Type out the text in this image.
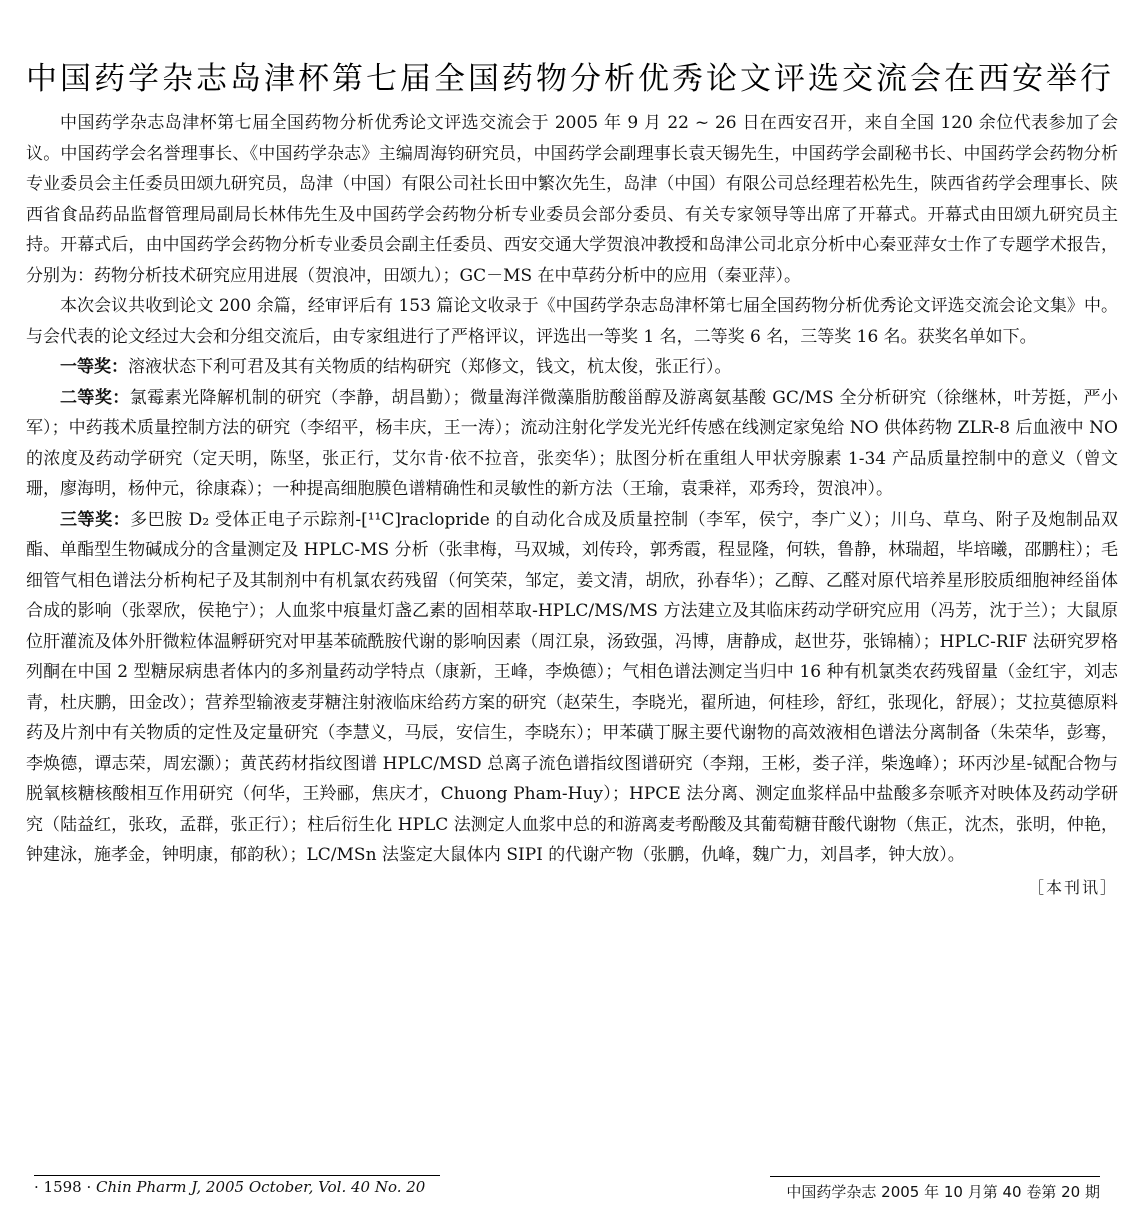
中国药学杂志岛津杯第七届全国药物分析优秀论文评选交流会在西安举行

中国药学杂志岛津杯第七届全国药物分析优秀论文评选交流会于 2005 年 9 月 22 ~ 26 日在西安召开，来自全国 120 余位代表参加了会议。中国药学会名誉理事长、《中国药学杂志》主编周海钧研究员，中国药学会副理事长袁天锡先生，中国药学会副秘书长、中国药学会药物分析专业委员会主任委员田颂九研究员，岛津（中国）有限公司社长田中繁次先生，岛津（中国）有限公司总经理若松先生，陕西省药学会理事长、陕西省食品药品监督管理局副局长林伟先生及中国药学会药物分析专业委员会部分委员、有关专家领导等出席了开幕式。开幕式由田颂九研究员主持。开幕式后，由中国药学会药物分析专业委员会副主任委员、西安交通大学贺浪冲教授和岛津公司北京分析中心秦亚萍女士作了专题学术报告，分别为：药物分析技术研究应用进展（贺浪冲，田颂九）；GC－MS 在中草药分析中的应用（秦亚萍）。

本次会议共收到论文 200 余篇，经审评后有 153 篇论文收录于《中国药学杂志岛津杯第七届全国药物分析优秀论文评选交流会论文集》中。与会代表的论文经过大会和分组交流后，由专家组进行了严格评议，评选出一等奖 1 名，二等奖 6 名，三等奖 16 名。获奖名单如下。

一等奖：溶液状态下利可君及其有关物质的结构研究（郑修文，钱文，杭太俊，张正行）。

二等奖：氯霉素光降解机制的研究（李静，胡昌勤）；微量海洋微藻脂肪酸甾醇及游离氨基酸 GC/MS 全分析研究（徐继林，叶芳挺，严小军）；中药莪术质量控制方法的研究（李绍平，杨丰庆，王一涛）；流动注射化学发光光纤传感在线测定家兔给 NO 供体药物 ZLR-8 后血液中 NO 的浓度及药动学研究（定天明，陈坚，张正行，艾尔肯·依不拉音，张奕华）；肽图分析在重组人甲状旁腺素 1-34 产品质量控制中的意义（曾文珊，廖海明，杨仲元，徐康森）；一种提高细胞膜色谱精确性和灵敏性的新方法（王瑜，袁秉祥，邓秀玲，贺浪冲）。

三等奖：多巴胺 D₂ 受体正电子示踪剂-[¹¹C]raclopride 的自动化合成及质量控制（李军，侯宁，李广义）；川乌、草乌、附子及炮制品双酯、单酯型生物碱成分的含量测定及 HPLC-MS 分析（张聿梅，马双城，刘传玲，郭秀霞，程显隆，何轶，鲁静，林瑞超，毕培曦，邵鹏柱）；毛细管气相色谱法分析枸杞子及其制剂中有机氯农药残留（何笑荣，邹定，姜文清，胡欣，孙春华）；乙醇、乙醛对原代培养星形胶质细胞神经甾体合成的影响（张翠欣，侯艳宁）；人血浆中痕量灯盏乙素的固相萃取-HPLC/MS/MS 方法建立及其临床药动学研究应用（冯芳，沈于兰）；大鼠原位肝灌流及体外肝微粒体温孵研究对甲基苯硫酰胺代谢的影响因素（周江泉，汤致强，冯博，唐静成，赵世芬，张锦楠）；HPLC-RIF 法研究罗格列酮在中国 2 型糖尿病患者体内的多剂量药动学特点（康新，王峰，李焕德）；气相色谱法测定当归中 16 种有机氯类农药残留量（金红宇，刘志青，杜庆鹏，田金改）；营养型输液麦芽糖注射液临床给药方案的研究（赵荣生，李晓光，翟所迪，何桂珍，舒红，张现化，舒展）；艾拉莫德原料药及片剂中有关物质的定性及定量研究（李慧义，马辰，安信生，李晓东）；甲苯磺丁脲主要代谢物的高效液相色谱法分离制备（朱荣华，彭骞，李焕德，谭志荣，周宏灏）；黄芪药材指纹图谱 HPLC/MSD 总离子流色谱指纹图谱研究（李翔，王彬，娄子洋，柴逸峰）；环丙沙星-铽配合物与脱氧核糖核酸相互作用研究（何华，王羚郦，焦庆才，Chuong Pham-Huy）；HPCE 法分离、测定血浆样品中盐酸多奈哌齐对映体及药动学研究（陆益红，张玫，孟群，张正行）；柱后衍生化 HPLC 法测定人血浆中总的和游离麦考酚酸及其葡萄糖苷酸代谢物（焦正，沈杰，张明，仲艳，钟建泳，施孝金，钟明康，郁韵秋）；LC/MSn 法鉴定大鼠体内 SIPI 的代谢产物（张鹏，仇峰，魏广力，刘昌孝，钟大放）。

［本刊讯］
· 1598 · Chin Pharm J, 2005 October, Vol. 40 No. 20	中国药学杂志 2005 年 10 月第 40 卷第 20 期
